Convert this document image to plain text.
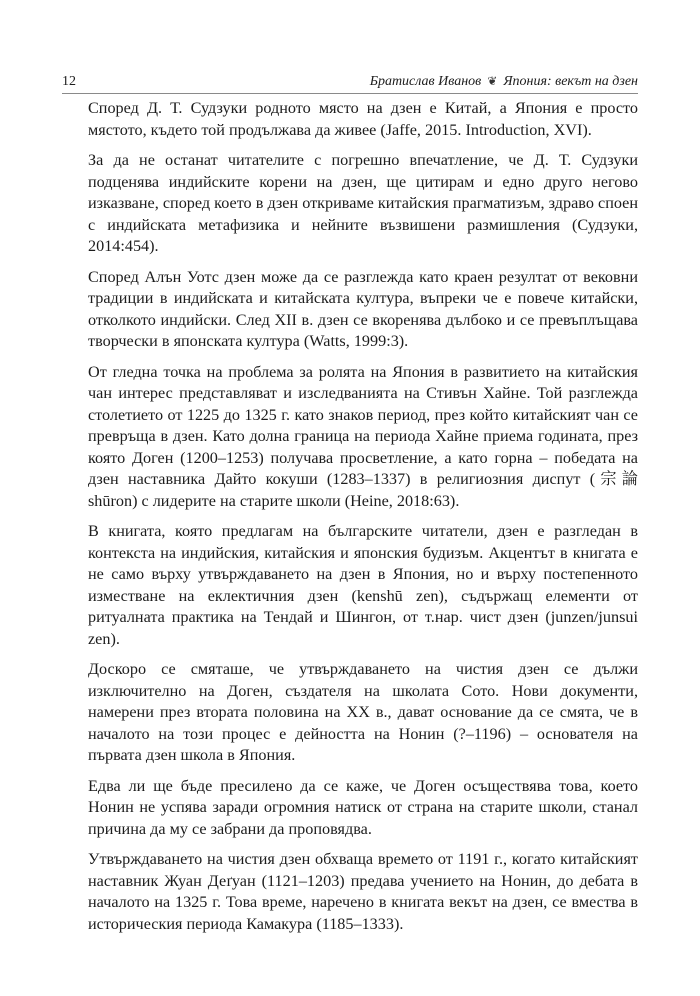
12	Братислав Иванов ❦ Япония: векът на дзен

Според Д. Т. Судзуки родното място на дзен е Китай, а Япония е просто мястото, където той продължава да живее (Jaffe, 2015. Introduction, XVI).

За да не останат читателите с погрешно впечатление, че Д. Т. Судзуки подценява индийските корени на дзен, ще цитирам и едно друго негово изказване, според което в дзен откриваме китайския прагматизъм, здраво споен с индийската метафизика и нейните възвишени размишления (Судзуки, 2014:454).

Според Алън Уотс дзен може да се разглежда като краен резултат от вековни традиции в индийската и китайската култура, въпреки че е повече китайски, отколкото индийски. След XII в. дзен се вкоренява дълбоко и се превъплъщава творчески в японската култура (Watts, 1999:3).

От гледна точка на проблема за ролята на Япония в развитието на китайския чан интерес представляват и изследванията на Стивън Хайне. Той разглежда столетието от 1225 до 1325 г. като знаков период, през който китайският чан се превръща в дзен. Като долна граница на периода Хайне приема годината, през която Доген (1200–1253) получава просветление, а като горна – победата на дзен наставника Дайто кокуши (1283–1337) в религиозния диспут (宗論 shūron) с лидерите на старите школи (Heine, 2018:63).

В книгата, която предлагам на българските читатели, дзен е разгледан в контекста на индийския, китайския и японския будизъм. Акцентът в книгата е не само върху утвърждаването на дзен в Япония, но и върху постепенното изместване на еклектичния дзен (kenshū zen), съдържащ елементи от ритуалната практика на Тендай и Шингон, от т.нар. чист дзен (junzen/junsui zen).

Доскоро се смяташе, че утвърждаването на чистия дзен се дължи изключително на Доген, създателя на школата Сото. Нови документи, намерени през втората половина на XX в., дават основание да се смята, че в началото на този процес е дейността на Нонин (?–1196) – основателя на първата дзен школа в Япония.

Едва ли ще бъде пресилено да се каже, че Доген осъществява това, което Нонин не успява заради огромния натиск от страна на старите школи, станал причина да му се забрани да проповядва.

Утвърждаването на чистия дзен обхваща времето от 1191 г., когато китайският наставник Жуан Деґуан (1121–1203) предава учението на Нонин, до дебата в началото на 1325 г. Това време, наречено в книгата векът на дзен, се вмества в историческия периода Камакура (1185–1333).
